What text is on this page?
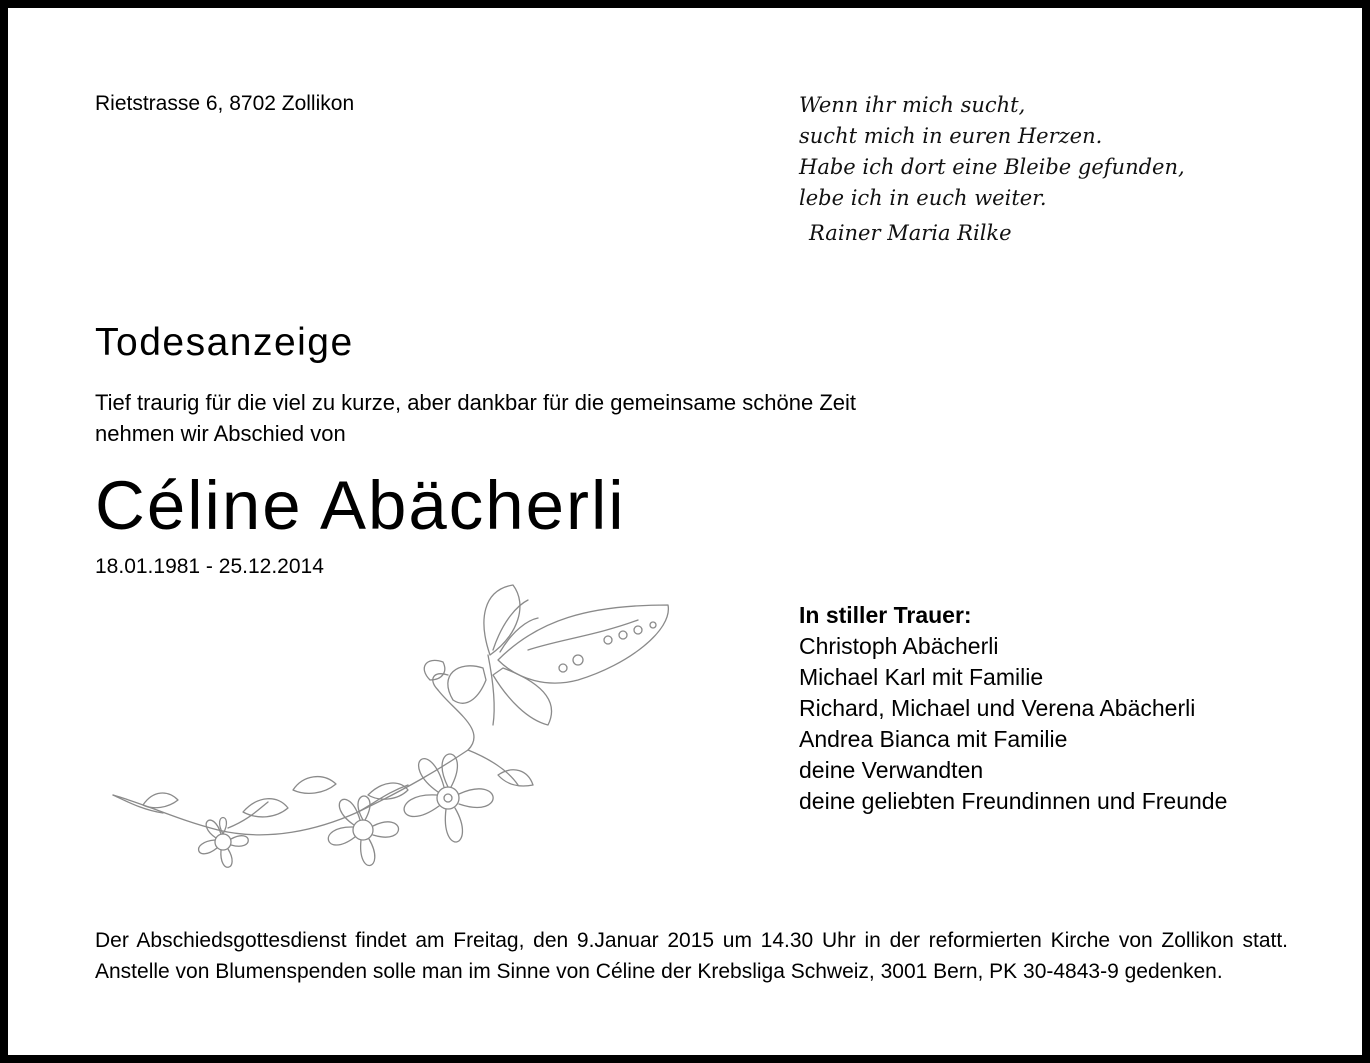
Rietstrasse 6, 8702 Zollikon	Wenn ihr mich sucht,
sucht mich in euren Herzen.
Habe ich dort eine Bleibe gefunden,
lebe ich in euch weiter.
Rainer Maria Rilke
Todesanzeige
Tief traurig für die viel zu kurze, aber dankbar für die gemeinsame schöne Zeit
nehmen wir Abschied von
Céline Abächerli
18.01.1981 - 25.12.2014
In stiller Trauer:
Christoph Abächerli
Michael Karl mit Familie
Richard, Michael und Verena Abächerli
Andrea Bianca mit Familie
deine Verwandten
deine geliebten Freundinnen und Freunde
Der Abschiedsgottesdienst findet am Freitag, den 9.Januar 2015 um 14.30 Uhr in der reformierten Kirche von Zollikon statt. Anstelle von Blumenspenden solle man im Sinne von Céline der Krebsliga Schweiz, 3001 Bern, PK 30-4843-9 gedenken.
